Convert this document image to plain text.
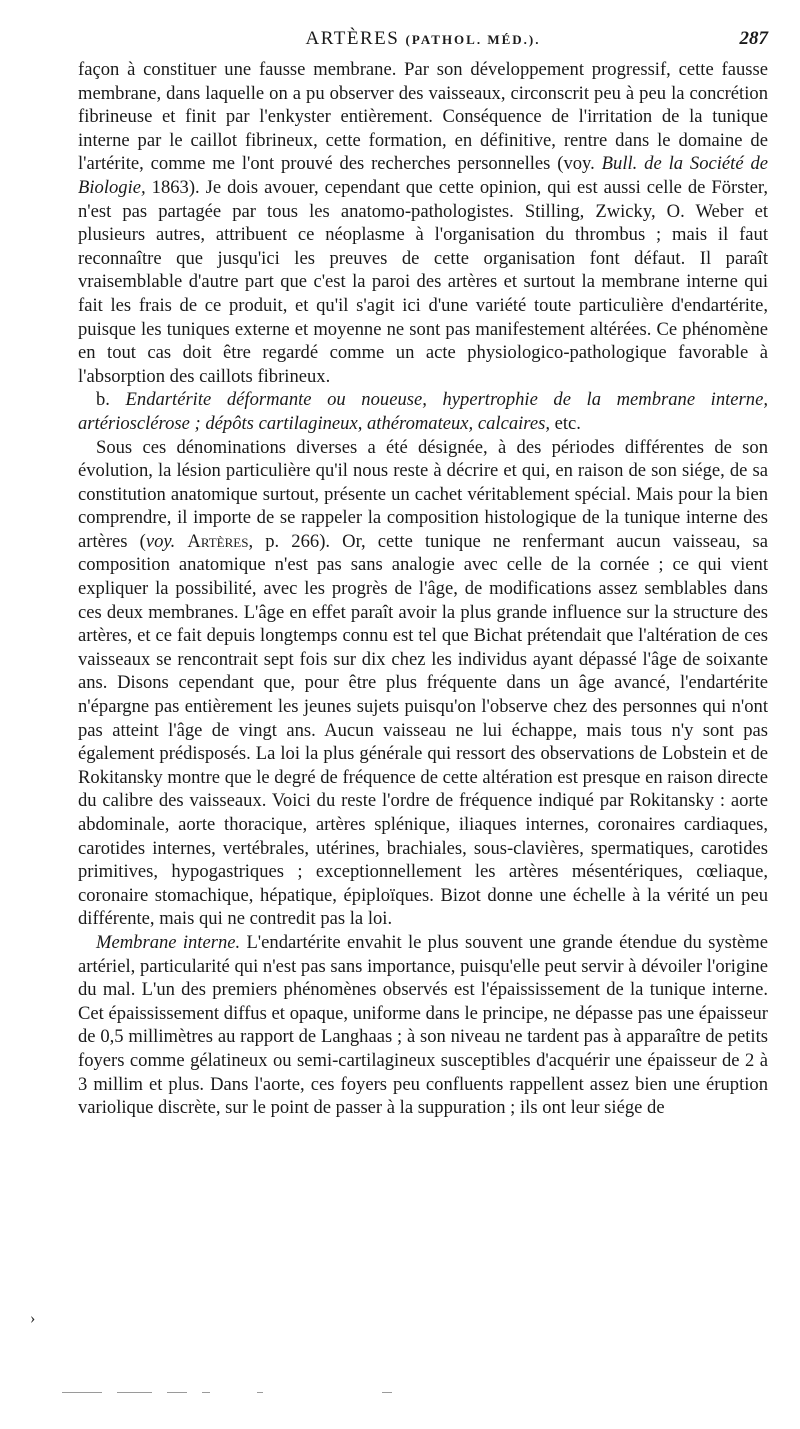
ARTÈRES (PATHOL. MÉD.).	287

façon à constituer une fausse membrane. Par son développement progressif, cette fausse membrane, dans laquelle on a pu observer des vaisseaux, circonscrit peu à peu la concrétion fibrineuse et finit par l'enkyster entièrement. Conséquence de l'irritation de la tunique interne par le caillot fibrineux, cette formation, en définitive, rentre dans le domaine de l'artérite, comme me l'ont prouvé des recherches personnelles (voy. Bull. de la Société de Biologie, 1863). Je dois avouer, cependant que cette opinion, qui est aussi celle de Förster, n'est pas partagée par tous les anatomo-pathologistes. Stilling, Zwicky, O. Weber et plusieurs autres, attribuent ce néoplasme à l'organisation du thrombus ; mais il faut reconnaître que jusqu'ici les preuves de cette organisation font défaut. Il paraît vraisemblable d'autre part que c'est la paroi des artères et surtout la membrane interne qui fait les frais de ce produit, et qu'il s'agit ici d'une variété toute particulière d'endartérite, puisque les tuniques externe et moyenne ne sont pas manifestement altérées. Ce phénomène en tout cas doit être regardé comme un acte physiologico-pathologique favorable à l'absorption des caillots fibrineux.

b. Endartérite déformante ou noueuse, hypertrophie de la membrane interne, artériosclérose ; dépôts cartilagineux, athéromateux, calcaires, etc.

Sous ces dénominations diverses a été désignée, à des périodes différentes de son évolution, la lésion particulière qu'il nous reste à décrire et qui, en raison de son siége, de sa constitution anatomique surtout, présente un cachet véritablement spécial. Mais pour la bien comprendre, il importe de se rappeler la composition histologique de la tunique interne des artères (voy. Artères, p. 266). Or, cette tunique ne renfermant aucun vaisseau, sa composition anatomique n'est pas sans analogie avec celle de la cornée ; ce qui vient expliquer la possibilité, avec les progrès de l'âge, de modifications assez semblables dans ces deux membranes. L'âge en effet paraît avoir la plus grande influence sur la structure des artères, et ce fait depuis longtemps connu est tel que Bichat prétendait que l'altération de ces vaisseaux se rencontrait sept fois sur dix chez les individus ayant dépassé l'âge de soixante ans. Disons cependant que, pour être plus fréquente dans un âge avancé, l'endartérite n'épargne pas entièrement les jeunes sujets puisqu'on l'observe chez des personnes qui n'ont pas atteint l'âge de vingt ans. Aucun vaisseau ne lui échappe, mais tous n'y sont pas également prédisposés. La loi la plus générale qui ressort des observations de Lobstein et de Rokitansky montre que le degré de fréquence de cette altération est presque en raison directe du calibre des vaisseaux. Voici du reste l'ordre de fréquence indiqué par Rokitansky : aorte abdominale, aorte thoracique, artères splénique, iliaques internes, coronaires cardiaques, carotides internes, vertébrales, utérines, brachiales, sous-clavières, spermatiques, carotides primitives, hypogastriques ; exceptionnellement les artères mésentériques, cœliaque, coronaire stomachique, hépatique, épiploïques. Bizot donne une échelle à la vérité un peu différente, mais qui ne contredit pas la loi.

Membrane interne. L'endartérite envahit le plus souvent une grande étendue du système artériel, particularité qui n'est pas sans importance, puisqu'elle peut servir à dévoiler l'origine du mal. L'un des premiers phénomènes observés est l'épaississement de la tunique interne. Cet épaississement diffus et opaque, uniforme dans le principe, ne dépasse pas une épaisseur de 0,5 millimètres au rapport de Langhaas ; à son niveau ne tardent pas à apparaître de petits foyers comme gélatineux ou semi-cartilagineux susceptibles d'acquérir une épaisseur de 2 à 3 millim et plus. Dans l'aorte, ces foyers peu confluents rappellent assez bien une éruption variolique discrète, sur le point de passer à la suppuration ; ils ont leur siége de

›
